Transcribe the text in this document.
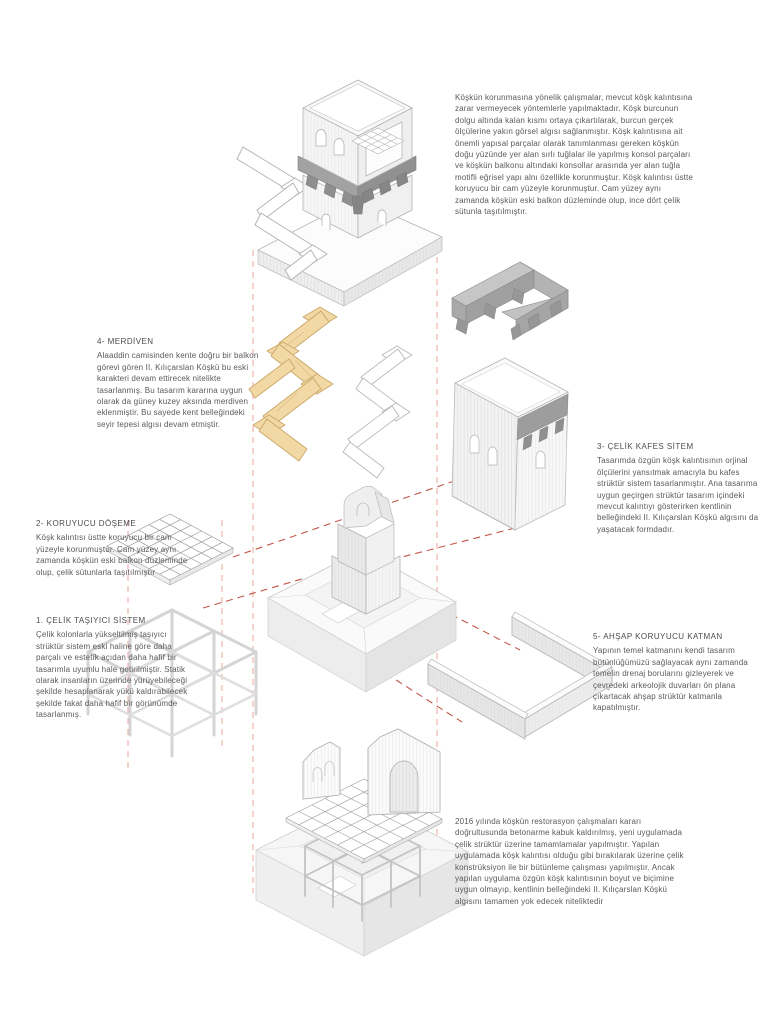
Köşkün korunmasına yönelik çalışmalar, mevcut köşk kalıntısına zarar vermeyecek yöntemlerle yapılmaktadır. Köşk burcunun dolgu altında kalan kısmı ortaya çıkartılarak, burcun gerçek ölçülerine yakın görsel algısı sağlanmıştır. Köşk kalıntısına ait önemli yapısal parçalar olarak tanımlanması gereken köşkün doğu yüzünde yer alan sırlı tuğlalar ile yapılmış konsol parçaları ve köşkün balkonu altındaki konsollar arasında yer alan tuğla motifli eğrisel yapı alnı özellikle korunmuştur. Köşk kalıntısı üstte koruyucu bir cam yüzeyle korunmuştur. Cam yüzey aynı zamanda köşkün eski balkon düzleminde olup, ince dört çelik sütunla taşıtılmıştır.

4- MERDİVEN

Alaaddin camisinden kente doğru bir balkon görevi gören II. Kılıçarslan Köşkü bu eski karakteri devam ettirecek nitelikte tasarlanmış. Bu tasarım kararına uygun olarak da güney kuzey aksında merdiven eklenmiştir. Bu sayede kent belleğindeki seyir tepesi algısı devam etmiştir.

3- ÇELİK KAFES SİTEM

Tasarımda özgün köşk kalıntısının orjinal ölçülerini yansıtmak amacıyla bu kafes strüktür sistem tasarlanmıştır. Ana tasarıma uygun geçirgen strüktür tasarım içindeki mevcut kalıntıyı gösterirken kentlinin belleğindeki II. Kılıçarslan Köşkü algısını da yaşatacak formdadır.

2- KORUYUCU DÖŞEME

Köşk kalıntısı üstte koruyucu bir cam yüzeyle korunmuştur. Cam yüzey aynı zamanda köşkün eski balkon düzleminde olup, çelik sütunlarla taşıtılmıştır

1. ÇELİK TAŞIYICI SİSTEM

Çelik kolonlarla yükseltilmiş taşıyıcı strüktür sistem eski haline göre daha parçalı ve estetik açıdan daha hafif bir tasarımla uyumlu hale getirilmiştir. Statik olarak insanların üzerinde yürüyebileceği şekilde hesaplanarak yükü kaldırabilecek şekilde fakat daha hafif bir görünümde tasarlanmış.

5- AHŞAP KORUYUCU KATMAN

Yapının temel katmanını kendi tasarım bütünlüğümüzü sağlayacak aynı zamanda temelin drenaj borularını gizleyerek ve çevredeki arkeolojik duvarları ön plana çıkartacak ahşap strüktür katmanla kapatılmıştır.

2016 yılında köşkün restorasyon çalışmaları kararı doğrultusunda betonarme kabuk kaldırılmış, yeni uygulamada çelik strüktür üzerine tamamlamalar yapılmıştır. Yapılan uygulamada köşk kalıntısı olduğu gibi bırakılarak üzerine çelik konstrüksiyon ile bir bütünleme çalışması yapılmıştır. Ancak yapılan uygulama özgün köşk kalıntısının boyut ve biçimine uygun olmayıp, kentlinin belleğindeki II. Kılıçarslan Köşkü algısını tamamen yok edecek niteliktedir
